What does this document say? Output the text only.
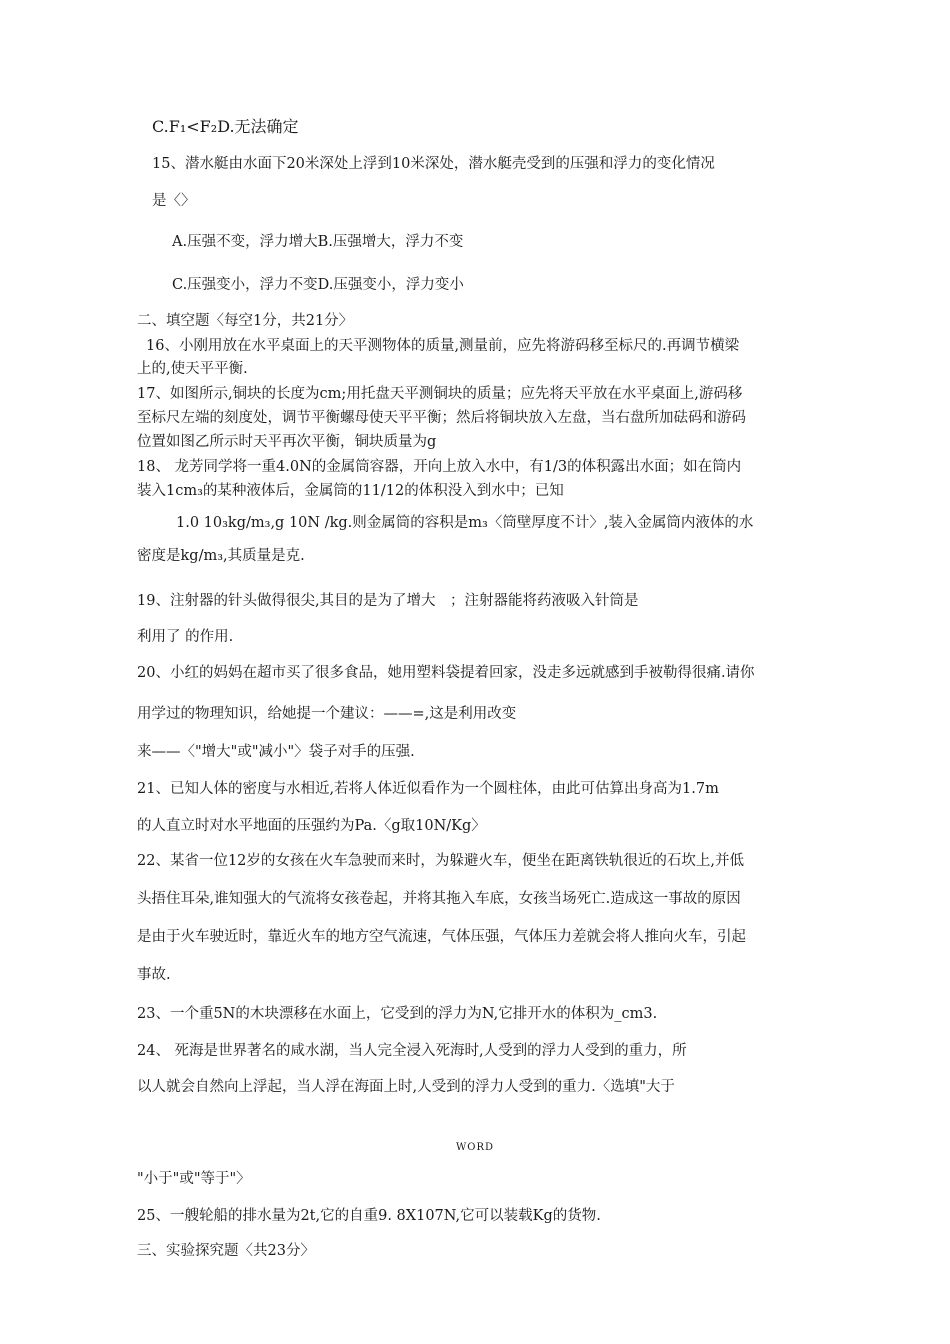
C.F₁<F₂D.无法确定
15、潜水艇由水面下20米深处上浮到10米深处，潜水艇壳受到的压强和浮力的变化情况
是〈〉
A.压强不变，浮力增大B.压强增大，浮力不变
C.压强变小，浮力不变D.压强变小，浮力变小
二、填空题〈每空1分，共21分〉
16、小刚用放在水平桌面上的天平测物体的质量,测量前，应先将游码移至标尺的.再调节横梁
上的,使天平平衡.
17、如图所示,铜块的长度为cm;用托盘天平测铜块的质量；应先将天平放在水平桌面上,游码移
至标尺左端的刻度处，调节平衡螺母使天平平衡；然后将铜块放入左盘，当右盘所加砝码和游码
位置如图乙所示时天平再次平衡，铜块质量为g
18、 龙芳同学将一重4.0N的金属筒容器，开向上放入水中，有1/3的体积露出水面；如在筒内
装入1cm₃的某种液体后，金属筒的11/12的体积没入到水中；已知
1.0 10₃kg/m₃,g 10N /kg.则金属筒的容积是m₃〈筒壁厚度不计〉,装入金属筒内液体的水
密度是kg/m₃,其质量是克.
19、注射器的针头做得很尖,其目的是为了增大　；注射器能将药液吸入针筒是
利用了 的作用.
20、小红的妈妈在超市买了很多食品，她用塑料袋提着回家，没走多远就感到手被勒得很痛.请你
用学过的物理知识，给她提一个建议：——=,这是利用改变
来——〈"增大"或"减小"〉袋子对手的压强.
21、已知人体的密度与水相近,若将人体近似看作为一个圆柱体，由此可估算出身高为1.7m
的人直立时对水平地面的压强约为Pa.〈g取10N/Kg〉
22、某省一位12岁的女孩在火车急驶而来时，为躲避火车，便坐在距离铁轨很近的石坎上,并低
头捂住耳朵,谁知强大的气流将女孩卷起，并将其拖入车底，女孩当场死亡.造成这一事故的原因
是由于火车驶近时，靠近火车的地方空气流速，气体压强，气体压力差就会将人推向火车，引起
事故.
23、一个重5N的木块漂移在水面上，它受到的浮力为N,它排开水的体积为_cm3.
24、 死海是世界著名的咸水湖，当人完全浸入死海时,人受到的浮力人受到的重力，所
以人就会自然向上浮起，当人浮在海面上时,人受到的浮力人受到的重力.〈选填"大于
WORD
"小于"或"等于"〉
25、一艘轮船的排水量为2t,它的自重9. 8X107N,它可以装载Kg的货物.
三、实验探究题〈共23分〉
